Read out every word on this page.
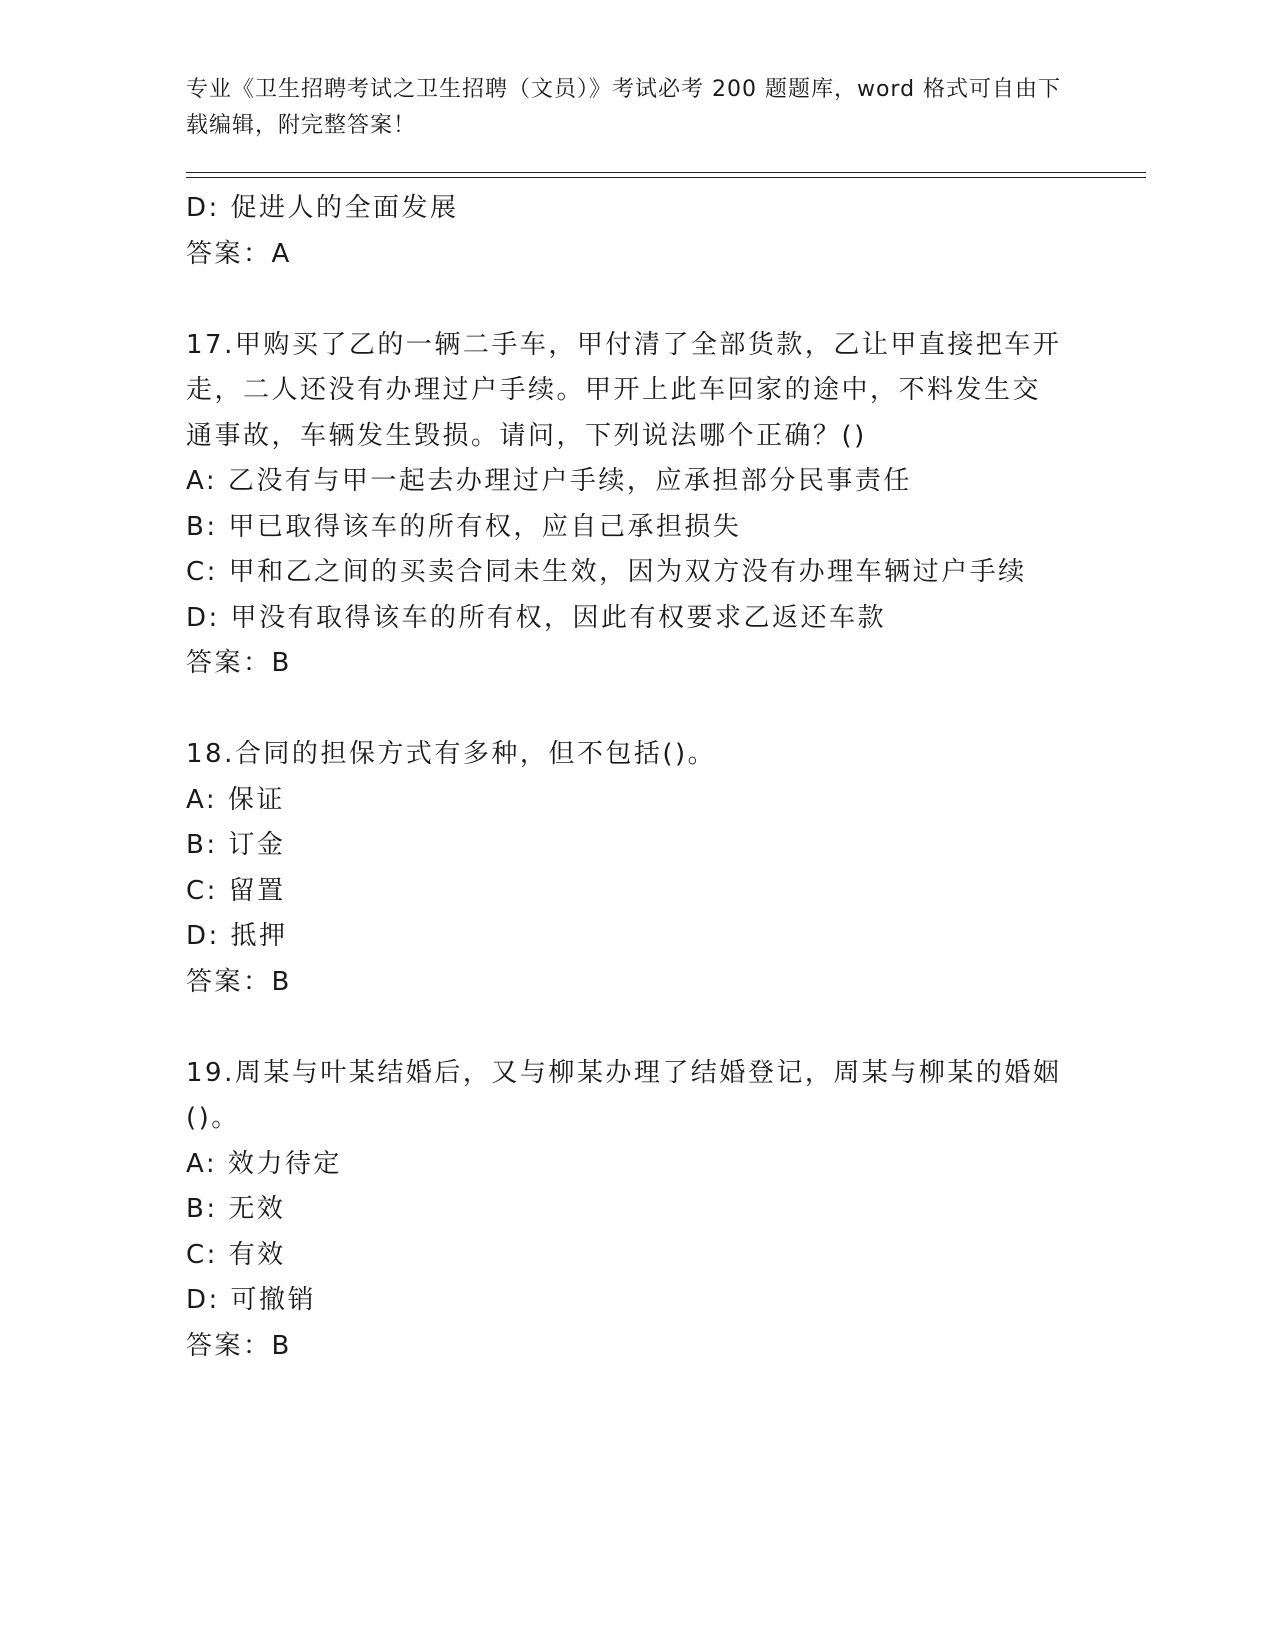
专业《卫生招聘考试之卫生招聘（文员）》考试必考 200 题题库，word 格式可自由下载编辑，附完整答案！
D: 促进人的全面发展
答案：A
17.甲购买了乙的一辆二手车，甲付清了全部货款，乙让甲直接把车开
走，二人还没有办理过户手续。甲开上此车回家的途中，不料发生交
通事故，车辆发生毁损。请问，下列说法哪个正确？()
A: 乙没有与甲一起去办理过户手续，应承担部分民事责任
B: 甲已取得该车的所有权，应自己承担损失
C: 甲和乙之间的买卖合同未生效，因为双方没有办理车辆过户手续
D: 甲没有取得该车的所有权，因此有权要求乙返还车款
答案：B
18.合同的担保方式有多种，但不包括()。
A: 保证
B: 订金
C: 留置
D: 抵押
答案：B
19.周某与叶某结婚后，又与柳某办理了结婚登记，周某与柳某的婚姻
()。
A: 效力待定
B: 无效
C: 有效
D: 可撤销
答案：B
